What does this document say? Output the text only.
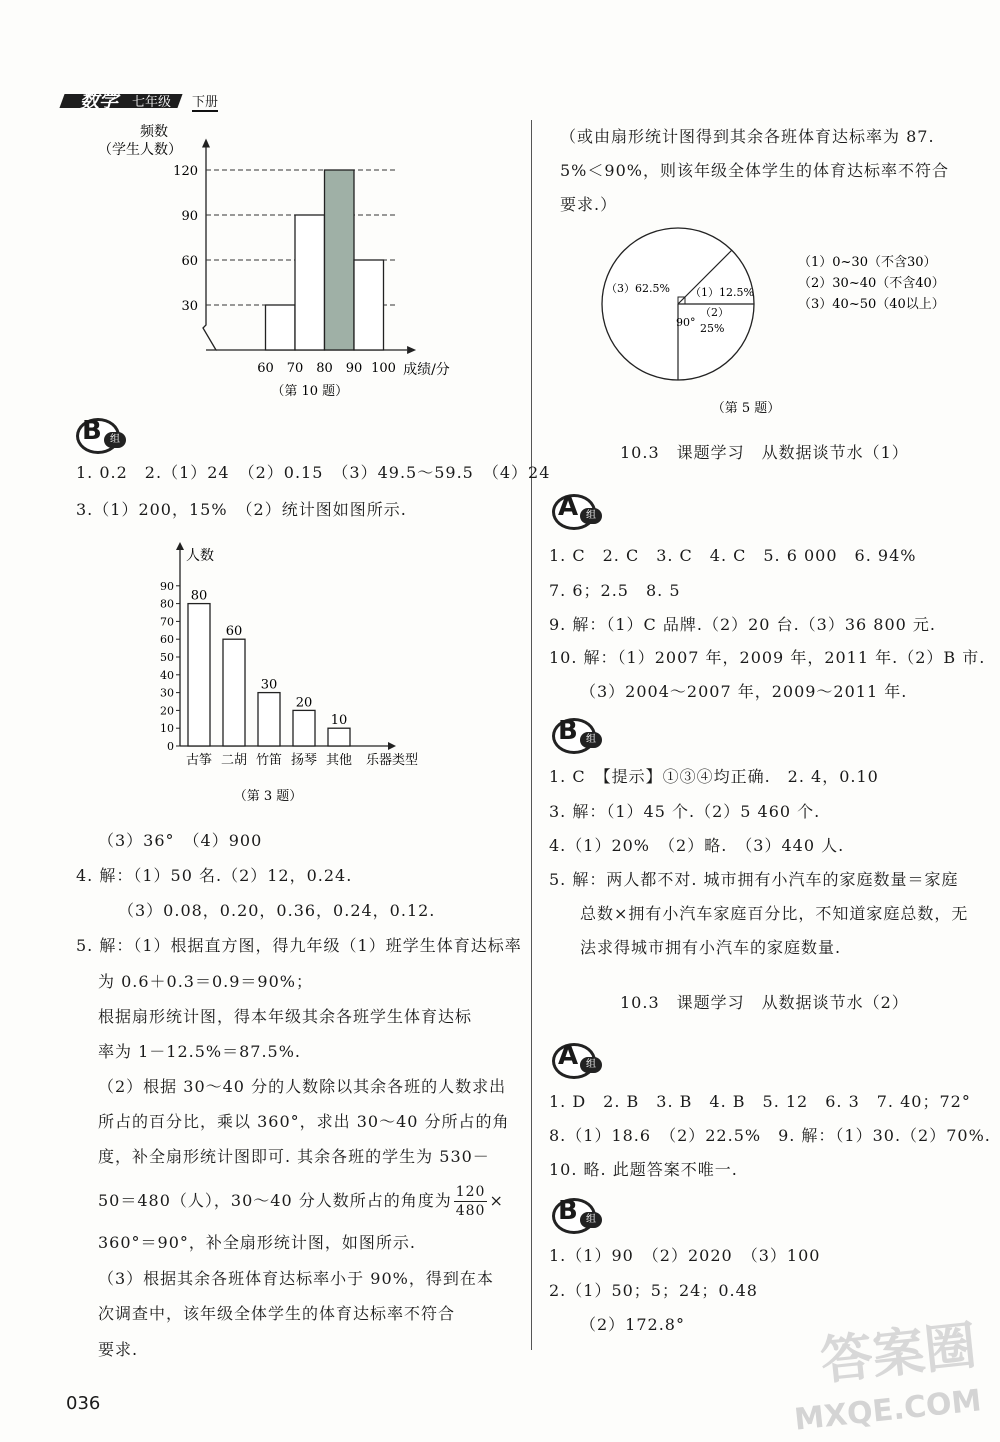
数学 七年级 下册
频数
（学生人数）
30
60
90
120
60 70 80 90 100 成绩/分
（第 10 题）
B 组
1. 0.2　2.（1）24　（2）0.15　（3）49.5～59.5　（4）24
3.（1）200，15%　（2）统计图如图所示.
人数
0
10
20
30
40
50
60
70
80
90
80
古筝
60
二胡
30
竹笛
20
扬琴
10
其他 乐器类型
（第 3 题）
（3）36°　（4）900
4. 解：（1）50 名.（2）12，0.24.
（3）0.08，0.20，0.36，0.24，0.12.
5. 解：（1）根据直方图，得九年级（1）班学生体育达标率
为 0.6＋0.3＝0.9＝90%；
根据扇形统计图，得本年级其余各班学生体育达标
率为 1－12.5%＝87.5%.
（2）根据 30～40 分的人数除以其余各班的人数求出
所占的百分比，乘以 360°，求出 30～40 分所占的角
度，补全扇形统计图即可. 其余各班的学生为 530－
50＝480（人），30～40 分人数所占的角度为 $\frac{120}{480}$ ×
360°＝90°，补全扇形统计图，如图所示.
（3）根据其余各班体育达标率小于 90%，得到在本
次调查中，该年级全体学生的体育达标率不符合
要求.
（或由扇形统计图得到其余各班体育达标率为 87.
5%＜90%，则该年级全体学生的体育达标率不符合
要求.）
（1）12.5%
（2）
25%
（3）62.5%
90°
（1）0~30（不含30）
（2）30~40（不含40）
（3）40~50（40以上）
（第 5 题）
10.3　课题学习　从数据谈节水（1）
A 组
1. C　2. C　3. C　4. C　5. 6 000　6. 94%
7. 6；2.5　8. 5
9. 解：（1）C 品牌.（2）20 台.（3）36 800 元.
10. 解：（1）2007 年，2009 年，2011 年.（2）B 市.
（3）2004～2007 年，2009～2011 年.
B 组
1. C　【提示】①③④均正确.　2. 4，0.10
3. 解：（1）45 个.（2）5 460 个.
4.（1）20%　（2）略.　（3）440 人.
5. 解：两人都不对. 城市拥有小汽车的家庭数量＝家庭
总数×拥有小汽车家庭百分比，不知道家庭总数，无
法求得城市拥有小汽车的家庭数量.
10.3　课题学习　从数据谈节水（2）
A 组
1. D　2. B　3. B　4. B　5. 12　6. 3　7. 40；72°
8.（1）18.6　（2）22.5%　9. 解：（1）30.（2）70%.
10. 略. 此题答案不唯一.
B 组
1.（1）90　（2）2020　（3）100
2.（1）50；5；24；0.48
（2）172.8°
036
答案圈
MXQE.COM
